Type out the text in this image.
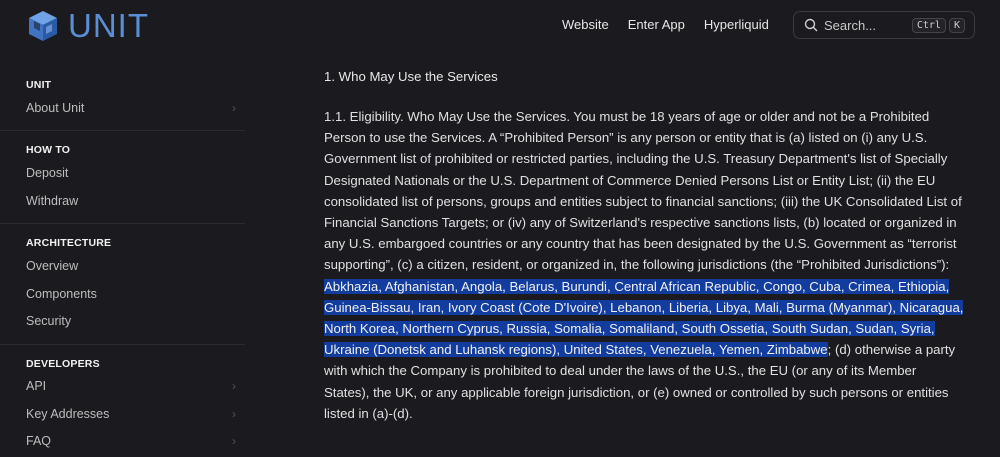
UNIT	Website Enter App Hyperliquid	Search...	Ctrl	K
UNIT
About Unit	›
HOW TO
Deposit
Withdraw
ARCHITECTURE
Overview
Components
Security
DEVELOPERS
API	›
Key Addresses	›
FAQ	›
1. Who May Use the Services
1.1. Eligibility. Who May Use the Services. You must be 18 years of age or older and not be a Prohibited Person to use the Services. A “Prohibited Person” is any person or entity that is (a) listed on (i) any U.S. Government list of prohibited or restricted parties, including the U.S. Treasury Department's list of Specially Designated Nationals or the U.S. Department of Commerce Denied Persons List or Entity List; (ii) the EU consolidated list of persons, groups and entities subject to financial sanctions; (iii) the UK Consolidated List of Financial Sanctions Targets; or (iv) any of Switzerland's respective sanctions lists, (b) located or organized in any U.S. embargoed countries or any country that has been designated by the U.S. Government as “terrorist supporting”, (c) a citizen, resident, or organized in, the following jurisdictions (the “Prohibited Jurisdictions”): Abkhazia, Afghanistan, Angola, Belarus, Burundi, Central African Republic, Congo, Cuba, Crimea, Ethiopia, Guinea-Bissau, Iran, Ivory Coast (Cote D'Ivoire), Lebanon, Liberia, Libya, Mali, Burma (Myanmar), Nicaragua, North Korea, Northern Cyprus, Russia, Somalia, Somaliland, South Ossetia, South Sudan, Sudan, Syria, Ukraine (Donetsk and Luhansk regions), United States, Venezuela, Yemen, Zimbabwe; (d) otherwise a party with which the Company is prohibited to deal under the laws of the U.S., the EU (or any of its Member States), the UK, or any applicable foreign jurisdiction, or (e) owned or controlled by such persons or entities listed in (a)-(d).
